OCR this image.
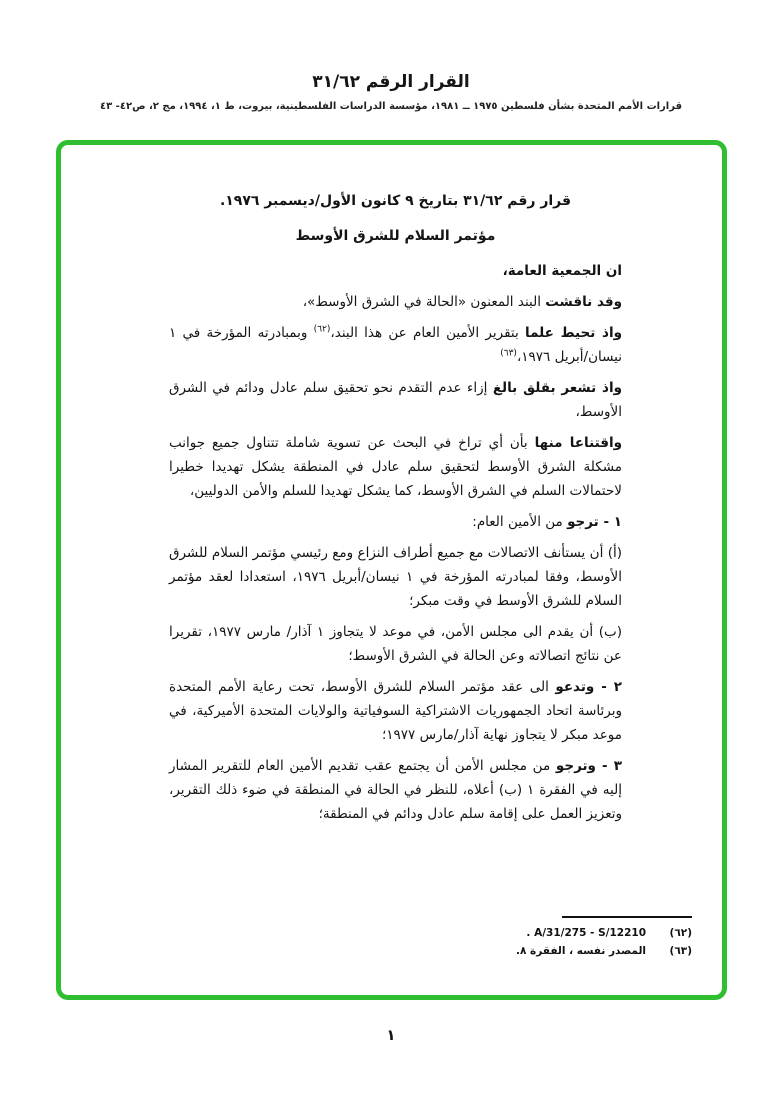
القرار الرقم ٣١/٦٢
قرارات الأمم المتحدة بشأن فلسطين ١٩٧٥ ــ ١٩٨١، مؤسسة الدراسات الفلسطينية، بيروت، ط ١، ١٩٩٤، مج ٢، ص٤٢- ٤٣
قرار رقم ٣١/٦٢ بتاريخ ٩ كانون الأول/ديسمبر ١٩٧٦.
مؤتمر السلام للشرق الأوسط

ان الجمعية العامة،

وقد ناقشت البند المعنون «الحالة في الشرق الأوسط»،

واذ تحيط علما بتقرير الأمين العام عن هذا البند،$^{(٦٢)}$ وبمبادرته المؤرخة في ١ نيسان/أبريل ١٩٧٦،$^{(٦٣)}$

واذ تشعر بقلق بالغ إزاء عدم التقدم نحو تحقيق سلم عادل ودائم في الشرق الأوسط،

واقتناعا منها بأن أي تراخ في البحث عن تسوية شاملة تتناول جميع جوانب مشكلة الشرق الأوسط لتحقيق سلم عادل في المنطقة يشكل تهديدا خطيرا لاحتمالات السلم في الشرق الأوسط، كما يشكل تهديدا للسلم والأمن الدوليين،

١ - ترجو من الأمين العام:

(أ) أن يستأنف الاتصالات مع جميع أطراف النزاع ومع رئيسي مؤتمر السلام للشرق الأوسط، وفقا لمبادرته المؤرخة في ١ نيسان/أبريل ١٩٧٦، استعدادا لعقد مؤتمر السلام للشرق الأوسط في وقت مبكر؛

(ب) أن يقدم الى مجلس الأمن، في موعد لا يتجاوز ١ آذار/ مارس ١٩٧٧، تقريرا عن نتائج اتصالاته وعن الحالة في الشرق الأوسط؛

٢ - وتدعو الى عقد مؤتمر السلام للشرق الأوسط، تحت رعاية الأمم المتحدة وبرئاسة اتحاد الجمهوريات الاشتراكية السوفياتية والولايات المتحدة الأميركية، في موعد مبكر لا يتجاوز نهاية آذار/مارس ١٩٧٧؛

٣ - وترجو من مجلس الأمن أن يجتمع عقب تقديم الأمين العام للتقرير المشار إليه في الفقرة ١ (ب) أعلاه، للنظر في الحالة في المنطقة في ضوء ذلك التقرير، وتعزيز العمل على إقامة سلم عادل ودائم في المنطقة؛

(٦٢)
A/31/275 - S/12210 .
(٦٣)
المصدر نفسه ، الفقرة ٨.
١
